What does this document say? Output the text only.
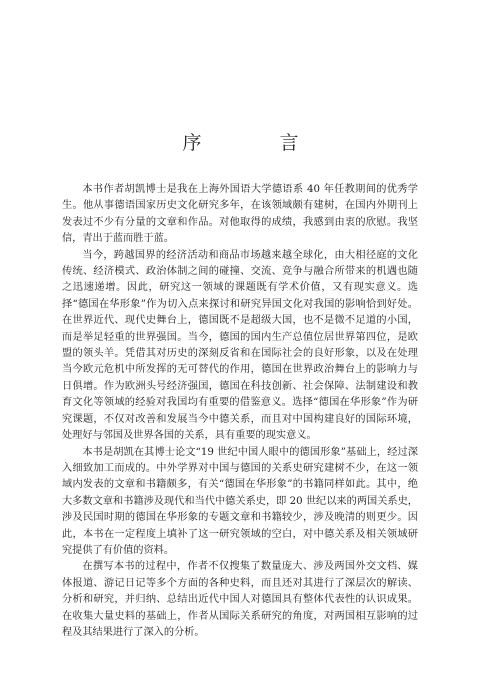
序 言

本书作者胡凯博士是我在上海外国语大学德语系 40 年任教期间的优秀学生。他从事德语国家历史文化研究多年，在该领域颇有建树，在国内外期刊上发表过不少有分量的文章和作品。对他取得的成绩，我感到由衷的欣慰。我坚信，青出于蓝而胜于蓝。

当今，跨越国界的经济活动和商品市场越来越全球化，由大相径庭的文化传统、经济模式、政治体制之间的碰撞、交流、竞争与融合所带来的机遇也随之迅速递增。因此，研究这一领域的课题既有学术价值，又有现实意义。选择“德国在华形象”作为切入点来探讨和研究异国文化对我国的影响恰到好处。在世界近代、现代史舞台上，德国既不是超级大国，也不是微不足道的小国，而是举足轻重的世界强国。当今，德国的国内生产总值位居世界第四位，是欧盟的领头羊。凭借其对历史的深刻反省和在国际社会的良好形象，以及在处理当今欧元危机中所发挥的无可替代的作用，德国在世界政治舞台上的影响力与日俱增。作为欧洲头号经济强国，德国在科技创新、社会保障、法制建设和教育文化等领域的经验对我国均有重要的借鉴意义。选择“德国在华形象”作为研究课题，不仅对改善和发展当今中德关系，而且对中国构建良好的国际环境，处理好与邻国及世界各国的关系，具有重要的现实意义。

本书是胡凯在其博士论文“19 世纪中国人眼中的德国形象”基础上，经过深入细致加工而成的。中外学界对中国与德国的关系史研究建树不少，在这一领域内发表的文章和书籍颇多，有关“德国在华形象”的书籍同样如此。其中，绝大多数文章和书籍涉及现代和当代中德关系史，即 20 世纪以来的两国关系史，涉及民国时期的德国在华形象的专题文章和书籍较少，涉及晚清的则更少。因此，本书在一定程度上填补了这一研究领域的空白，对中德关系及相关领域研究提供了有价值的资料。

在撰写本书的过程中，作者不仅搜集了数量庞大、涉及两国外交文档、媒体报道、游记日记等多个方面的各种史料，而且还对其进行了深层次的解读、分析和研究，并归纳、总结出近代中国人对德国具有整体代表性的认识成果。在收集大量史料的基础上，作者从国际关系研究的角度，对两国相互影响的过程及其结果进行了深入的分析。
